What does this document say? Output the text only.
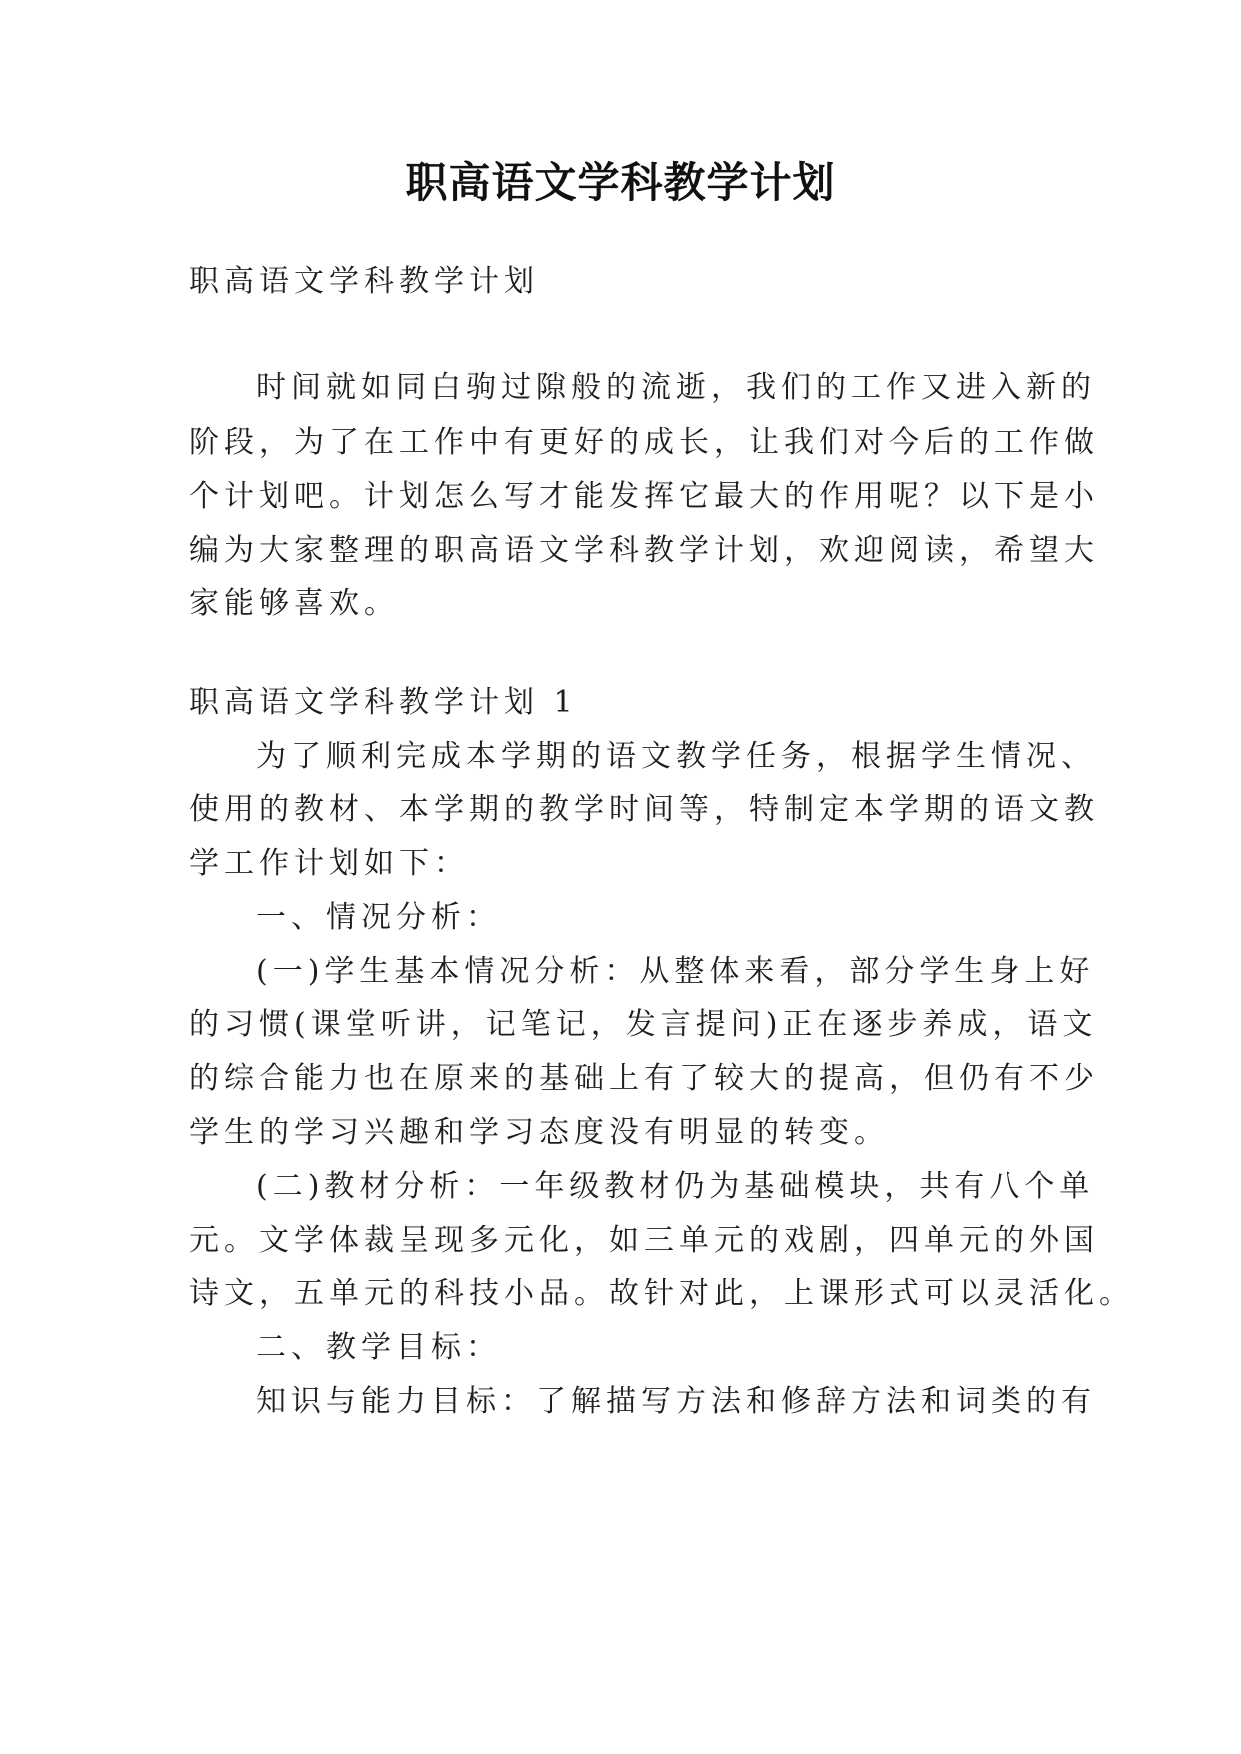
职高语文学科教学计划
职高语文学科教学计划
时间就如同白驹过隙般的流逝，我们的工作又进入新的
阶段，为了在工作中有更好的成长，让我们对今后的工作做
个计划吧。计划怎么写才能发挥它最大的作用呢？以下是小
编为大家整理的职高语文学科教学计划，欢迎阅读，希望大
家能够喜欢。
职高语文学科教学计划 1
为了顺利完成本学期的语文教学任务，根据学生情况、
使用的教材、本学期的教学时间等，特制定本学期的语文教
学工作计划如下：
一、情况分析：
(一)学生基本情况分析：从整体来看，部分学生身上好
的习惯(课堂听讲，记笔记，发言提问)正在逐步养成，语文
的综合能力也在原来的基础上有了较大的提高，但仍有不少
学生的学习兴趣和学习态度没有明显的转变。
(二)教材分析：一年级教材仍为基础模块，共有八个单
元。文学体裁呈现多元化，如三单元的戏剧，四单元的外国
诗文，五单元的科技小品。故针对此，上课形式可以灵活化。
二、教学目标：
知识与能力目标：了解描写方法和修辞方法和词类的有
